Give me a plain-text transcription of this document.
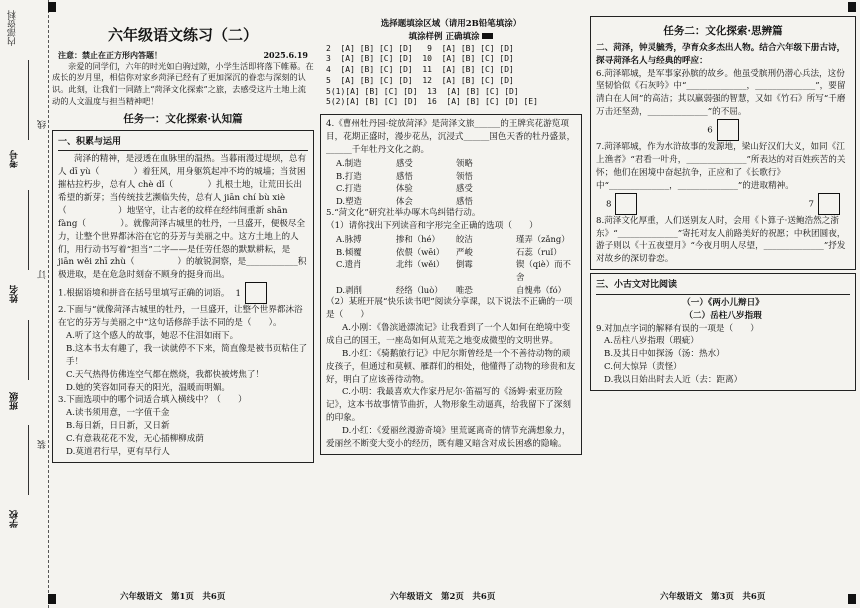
内部资料
考号
姓名
班级
学校
线
订
装
六年级语文练习（二）
注意：禁止在正方形内答题！	2025.6.19

亲爱的同学们，六年的时光如白驹过隙，小学生活即将落下帷幕。在成长的岁月里，相信你对家乡菏泽已经有了更加深沉的眷恋与深刻的认识。此刻，让我们一同踏上“菏泽文化探索”之旅，去感受这片土地上流动的人文温度与担当精神吧！

任务一：文化探索·认知篇
一、积累与运用

菏泽的精神，是浸透在血脉里的温热。当暮雨漫过堤坝，总有人 dī yù（　　　　）着狂风，用身躯筑起冲不垮的城墙；当贫困摧枯拉朽步，总有人 chè dǐ（　　　　）扎根土地，让荒田长出希望的新芽；当传统技艺濒临失传，总有人 jiān chí bù xiè（　　　　　　）地坚守，让古老的纹样在经纬间重新 shān fàng（　　　　）。就像菏泽古城里的牡丹，一旦盛开，便极尽全力，让整个世界都沐浴在它的芬芳与美丽之中。这方土地上的人们，用行动书写着“担当”二字——是任劳任怨的默默耕耘，是 jiān wěi zhī zhù（　　　　　）的敏锐洞察，是____________积极进取，是在危急时刻奋不顾身的挺身而出。

1.根据语境和拼音在括号里填写正确的词语。 1

2.下面与“就像菏泽古城里的牡丹，一旦盛开，让整个世界都沐浴在它的芬芳与美丽之中”这句话修辞手法不同的是（　　）。

A.听了这个感人的故事，她忍不住泪如雨下。

B.这本书太有趣了，我一读就停不下来，简直像是被书页粘住了手！

C.天气热得仿佛连空气都在燃烧，我都快被烤焦了！

D.她的笑容如同春天的阳光，温暖而明媚。

3.下面选项中的哪个词适合填入横线中？（　　）

A.读书须用意，一字值千金

B.每日新，日日新，又日新

C.有意栽花花不发，无心插柳柳成荫

D.莫道君行早，更有早行人

六年级语文　第1页　共6页
选择题填涂区域（请用2B铅笔填涂）
填涂样例 正确填涂
2  [A] [B] [C] [D]   9  [A] [B] [C] [D]
3  [A] [B] [C] [D]  10  [A] [B] [C] [D]
4  [A] [B] [C] [D]  11  [A] [B] [C] [D]
5  [A] [B] [C] [D]  12  [A] [B] [C] [D]
5(1)[A] [B] [C] [D]  13  [A] [B] [C] [D]
5(2)[A] [B] [C] [D]  16  [A] [B] [C] [D] [E]

4.《曹州牡丹园·绽放菏泽》是菏泽文旅______的王牌宾花游览项目，花期正盛时，漫步花丛，沉浸式______国色天香的牡丹盛景，______千年牡丹文化之韵。

A.制造	感受	领略
B.打造	感悟	领悟
C.打造	体验	感受
D.塑造	体会	感悟

5.“菏文化”研究社举办啄木鸟纠错行动。

（1）请你找出下列读音和字形完全正确的选项（　　）

A.脉搏	掺和（hé）	皎洁	瑾弄（zǎng）
B.倾覆	依偎（wēi）	严峻	石蕊（ruǐ）
C.遗肖	北纬（wěi）	倒霉	锲（qiè）而不舍
D.剥削	经络（luò）	唯恐	自愧弗（fó）

（2）某班开展“快乐读书吧”阅读分享课，以下说法不正确的一项是（　　）

A.小刚：《鲁滨逊漂流记》让我看到了一个人如何在绝境中变成自己的国王，一座岛如何从荒芜之地变成微型的文明世界。

B.小红：《骑鹅旅行记》中尼尔斯曾经是一个不善待动物的顽皮孩子，但通过和莫顿、雁群们的相处，他懂得了动物的珍贵和友好，明白了应该善待动物。

C.小明：我最喜欢大作家丹尼尔·笛福写的《汤姆·索亚历险记》，这本书故事情节曲折，人物形象生动逼真，给我留下了深刻的印象。

D.小红：《爱丽丝漫游奇境》里荒诞离奇的情节充满想象力，爱丽丝不断变大变小的经历，既有趣又暗含对成长困惑的隐喻。

六年级语文　第2页　共6页
任务二：文化探索·思辨篇

二、菏泽，钟灵毓秀，孕育众多杰出人物。结合六年级下册古诗，探寻菏泽名人与经典的呼应：

6.菏泽郓城，是军事家孙膑的故乡。他虽受膑刑仍潜心兵法，这份坚韧恰似《石灰吟》中“______________，______________”，要留清白在人间”的高洁；其以羸弱强的智慧，又如《竹石》所写“千磨万击还坚劲，______________”的不屈。

6

7.菏泽郓城，作为水浒故事的发源地，梁山好汉们大义，如同《江上渔者》“君看一叶舟，______________”所表达的对百姓疾苦的关怀；他们在困境中奋起抗争，正应和了《长歌行》中“______________，______________”的进取精神。

8	7

8.菏泽文化厚重，人们送别友人时，会用《卜算子·送鲍浩然之浙东》“______________”寄托对友人前路美好的祝愿；中秋团圆夜，游子则以《十五夜望月》“今夜月明人尽望，______________”抒发对故乡的深切眷恋。

三、小古文对比阅读
（一）《两小儿辩日》
（二）岳柱八岁指瑕

9.对加点字词的解释有误的一项是（　　）

A.岳柱八岁指瑕（瑕疵）

B.及其日中如探汤（汤：热水）

C.何大惊异（责怪）

D.我以日始出时去人近（去：距离）

六年级语文　第3页　共6页
